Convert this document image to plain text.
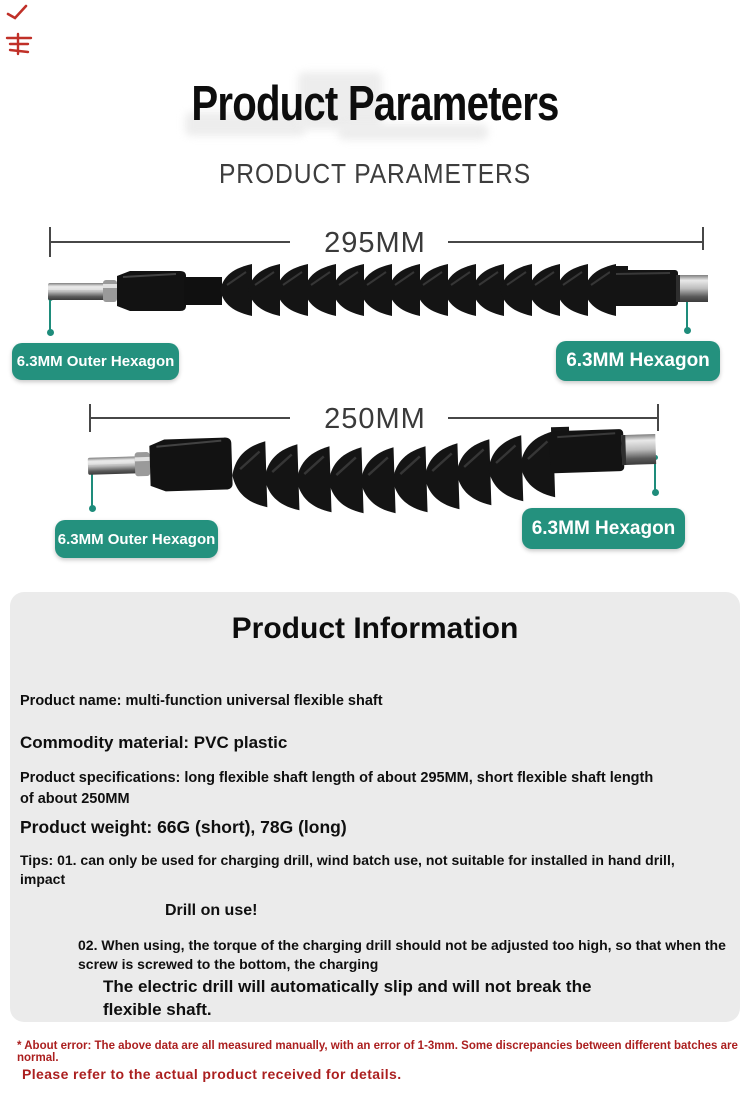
Product Parameters
PRODUCT PARAMETERS
295MM
6.3MM Outer Hexagon	6.3MM Hexagon
250MM
6.3MM Outer Hexagon
6.3MM Hexagon
Product Information
Product name: multi-function universal flexible shaft
Commodity material: PVC plastic
Product specifications: long flexible shaft length of about 295MM, short flexible shaft length of about 250MM
Product weight: 66G (short), 78G (long)
Tips: 01. can only be used for charging drill, wind batch use, not suitable for installed in hand drill, impact
Drill on use!
02. When using, the torque of the charging drill should not be adjusted too high, so that when the screw is screwed to the bottom, the charging
The electric drill will automatically slip and will not break the flexible shaft.
* About error: The above data are all measured manually, with an error of 1-3mm. Some discrepancies between different batches are normal.
Please refer to the actual product received for details.
